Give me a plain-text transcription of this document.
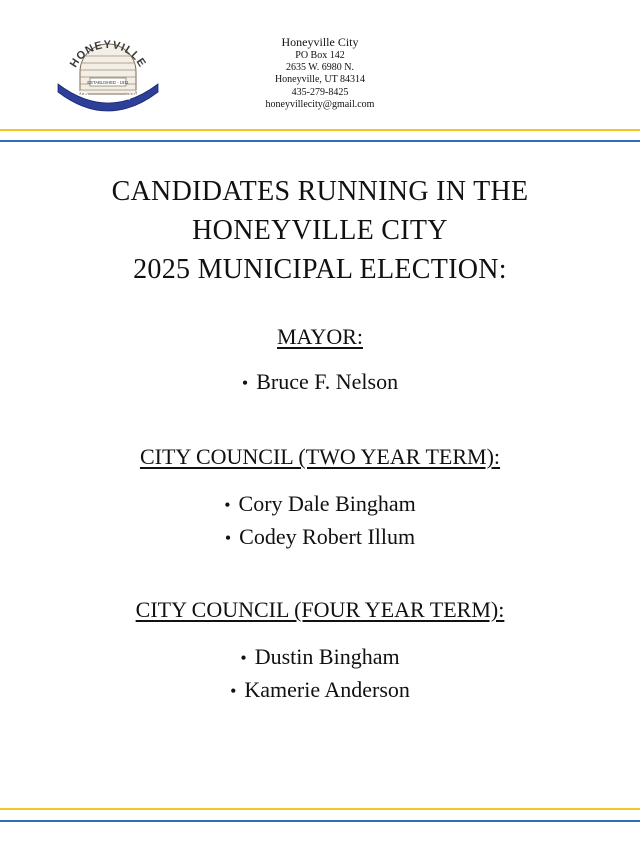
HONEYVILLE
ESTABLISHED - 1911
UNITY-HONOR-EQUITY
Honeyville City
PO Box 142
2635 W. 6980 N.
Honeyville, UT 84314
435-279-8425
honeyvillecity@gmail.com
CANDIDATES RUNNING IN THE
HONEYVILLE CITY
2025 MUNICIPAL ELECTION:
MAYOR:
• Bruce F. Nelson
CITY COUNCIL (TWO YEAR TERM):
• Cory Dale Bingham
• Codey Robert Illum
CITY COUNCIL (FOUR YEAR TERM):
• Dustin Bingham
• Kamerie Anderson
